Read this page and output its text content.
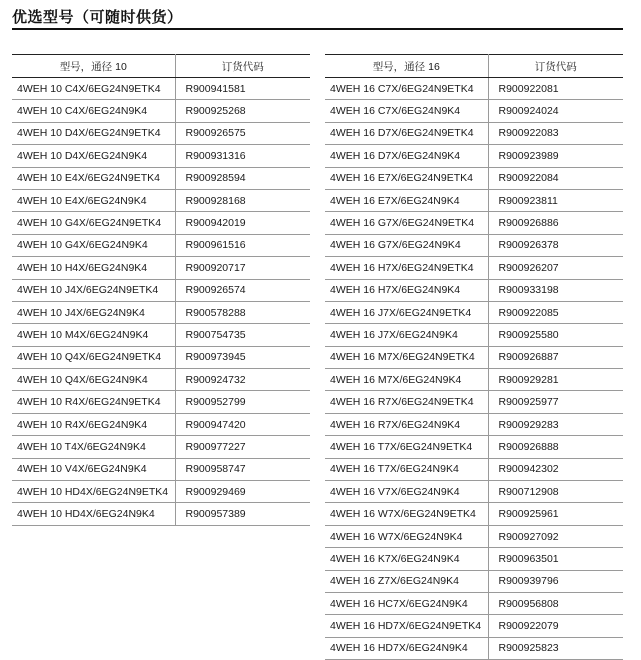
优选型号（可随时供货）
型号，通径 10	订货代码
4WEH 10 C4X/6EG24N9ETK4	R900941581
4WEH 10 C4X/6EG24N9K4	R900925268
4WEH 10 D4X/6EG24N9ETK4	R900926575
4WEH 10 D4X/6EG24N9K4	R900931316
4WEH 10 E4X/6EG24N9ETK4	R900928594
4WEH 10 E4X/6EG24N9K4	R900928168
4WEH 10 G4X/6EG24N9ETK4	R900942019
4WEH 10 G4X/6EG24N9K4	R900961516
4WEH 10 H4X/6EG24N9K4	R900920717
4WEH 10 J4X/6EG24N9ETK4	R900926574
4WEH 10 J4X/6EG24N9K4	R900578288
4WEH 10 M4X/6EG24N9K4	R900754735
4WEH 10 Q4X/6EG24N9ETK4	R900973945
4WEH 10 Q4X/6EG24N9K4	R900924732
4WEH 10 R4X/6EG24N9ETK4	R900952799
4WEH 10 R4X/6EG24N9K4	R900947420
4WEH 10 T4X/6EG24N9K4	R900977227
4WEH 10 V4X/6EG24N9K4	R900958747
4WEH 10 HD4X/6EG24N9ETK4	R900929469
4WEH 10 HD4X/6EG24N9K4	R900957389
型号，通径 16	订货代码
4WEH 16 C7X/6EG24N9ETK4	R900922081
4WEH 16 C7X/6EG24N9K4	R900924024
4WEH 16 D7X/6EG24N9ETK4	R900922083
4WEH 16 D7X/6EG24N9K4	R900923989
4WEH 16 E7X/6EG24N9ETK4	R900922084
4WEH 16 E7X/6EG24N9K4	R900923811
4WEH 16 G7X/6EG24N9ETK4	R900926886
4WEH 16 G7X/6EG24N9K4	R900926378
4WEH 16 H7X/6EG24N9ETK4	R900926207
4WEH 16 H7X/6EG24N9K4	R900933198
4WEH 16 J7X/6EG24N9ETK4	R900922085
4WEH 16 J7X/6EG24N9K4	R900925580
4WEH 16 M7X/6EG24N9ETK4	R900926887
4WEH 16 M7X/6EG24N9K4	R900929281
4WEH 16 R7X/6EG24N9ETK4	R900925977
4WEH 16 R7X/6EG24N9K4	R900929283
4WEH 16 T7X/6EG24N9ETK4	R900926888
4WEH 16 T7X/6EG24N9K4	R900942302
4WEH 16 V7X/6EG24N9K4	R900712908
4WEH 16 W7X/6EG24N9ETK4	R900925961
4WEH 16 W7X/6EG24N9K4	R900927092
4WEH 16 K7X/6EG24N9K4	R900963501
4WEH 16 Z7X/6EG24N9K4	R900939796
4WEH 16 HC7X/6EG24N9K4	R900956808
4WEH 16 HD7X/6EG24N9ETK4	R900922079
4WEH 16 HD7X/6EG24N9K4	R900925823
